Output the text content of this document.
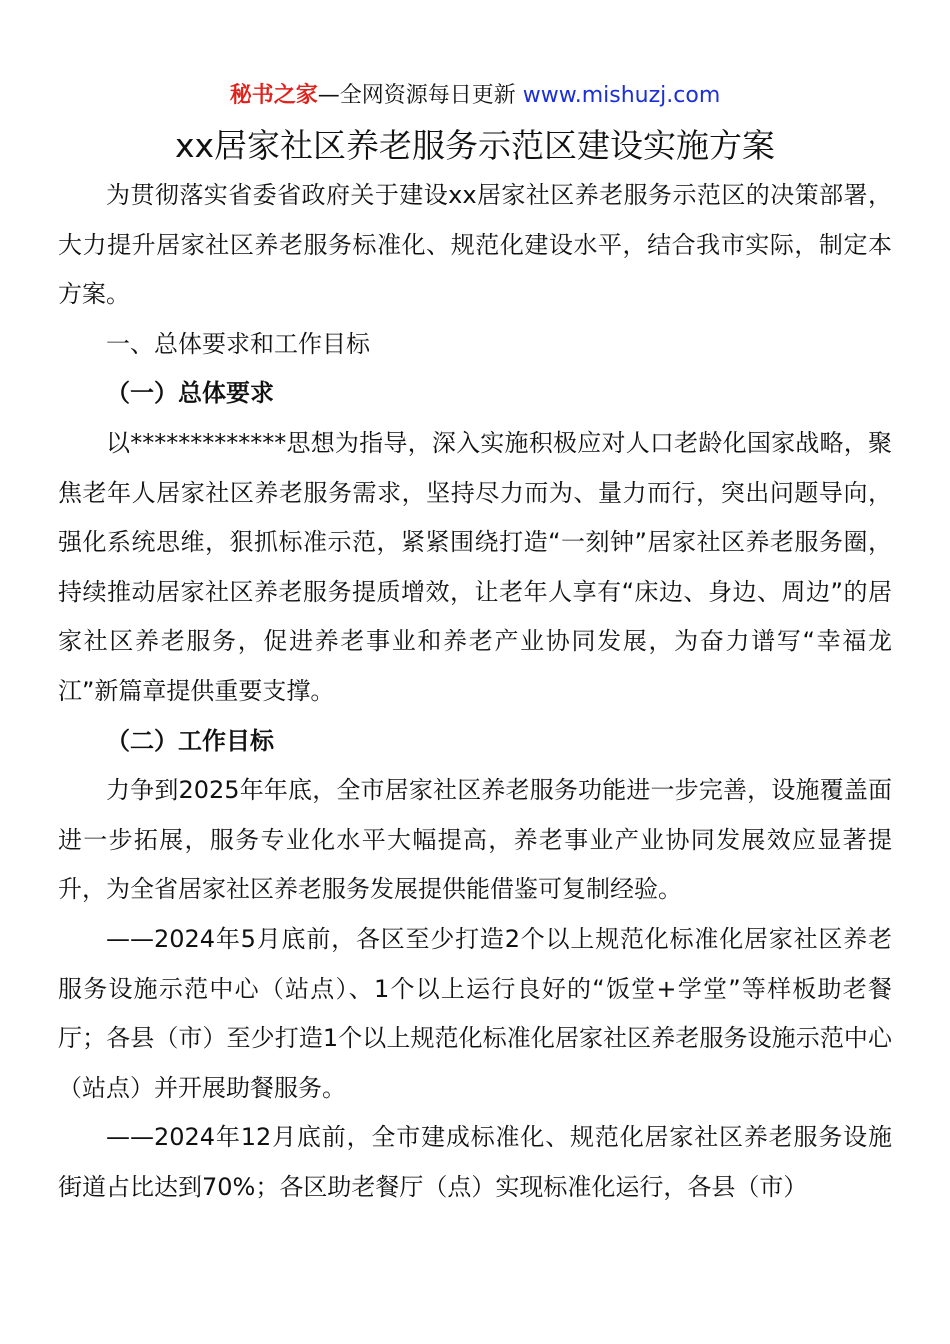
秘书之家—全网资源每日更新 www.mishuzj.com
xx居家社区养老服务示范区建设实施方案

为贯彻落实省委省政府关于建设xx居家社区养老服务示范区的决策部署，大力提升居家社区养老服务标准化、规范化建设水平，结合我市实际，制定本方案。

一、总体要求和工作目标

（一）总体要求

以*************思想为指导，深入实施积极应对人口老龄化国家战略，聚焦老年人居家社区养老服务需求，坚持尽力而为、量力而行，突出问题导向，强化系统思维，狠抓标准示范，紧紧围绕打造“一刻钟”居家社区养老服务圈，持续推动居家社区养老服务提质增效，让老年人享有“床边、身边、周边”的居家社区养老服务，促进养老事业和养老产业协同发展，为奋力谱写“幸福龙江”新篇章提供重要支撑。

（二）工作目标

力争到2025年年底，全市居家社区养老服务功能进一步完善，设施覆盖面进一步拓展，服务专业化水平大幅提高，养老事业产业协同发展效应显著提升，为全省居家社区养老服务发展提供能借鉴可复制经验。

——2024年5月底前，各区至少打造2个以上规范化标准化居家社区养老服务设施示范中心（站点）、1个以上运行良好的“饭堂+学堂”等样板助老餐厅；各县（市）至少打造1个以上规范化标准化居家社区养老服务设施示范中心（站点）并开展助餐服务。

——2024年12月底前，全市建成标准化、规范化居家社区养老服务设施街道占比达到70%；各区助老餐厅（点）实现标准化运行，各县（市）
